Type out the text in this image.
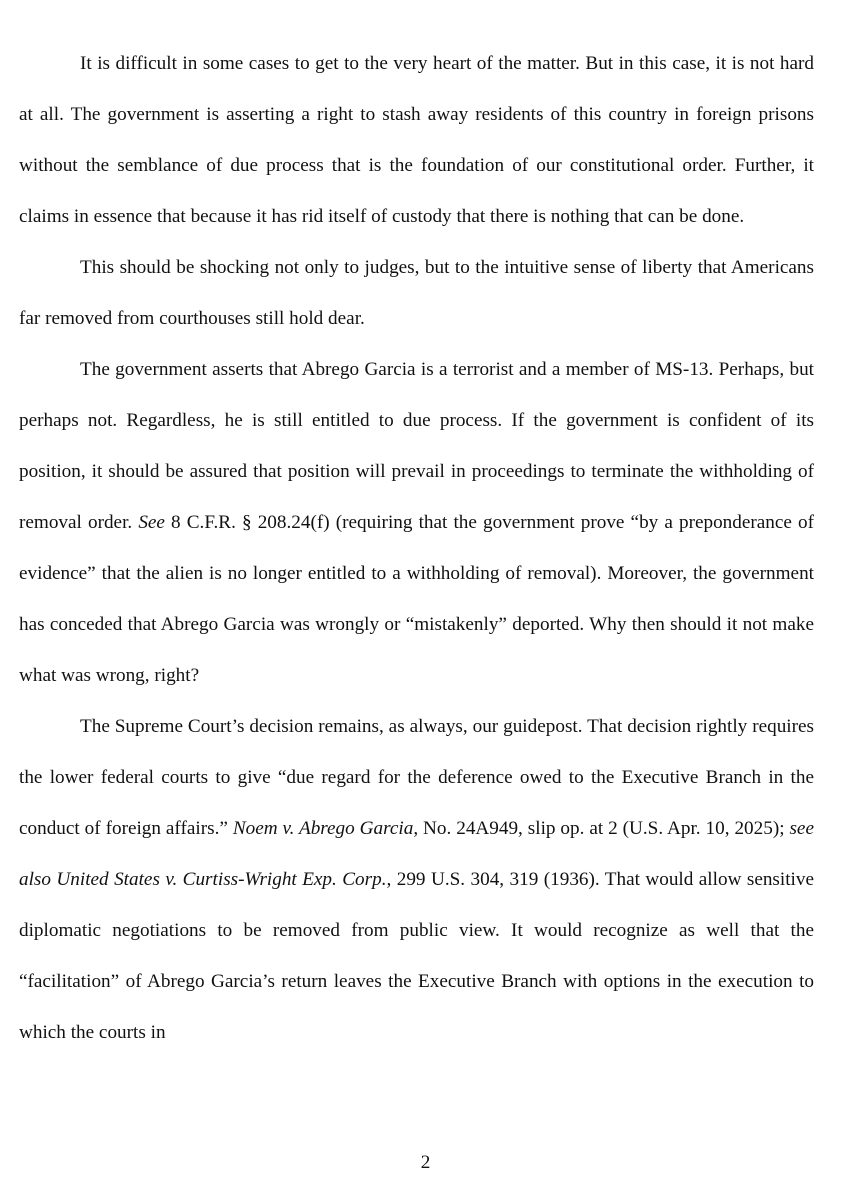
It is difficult in some cases to get to the very heart of the matter. But in this case, it is not hard at all. The government is asserting a right to stash away residents of this country in foreign prisons without the semblance of due process that is the foundation of our constitutional order. Further, it claims in essence that because it has rid itself of custody that there is nothing that can be done.

This should be shocking not only to judges, but to the intuitive sense of liberty that Americans far removed from courthouses still hold dear.

The government asserts that Abrego Garcia is a terrorist and a member of MS-13. Perhaps, but perhaps not. Regardless, he is still entitled to due process. If the government is confident of its position, it should be assured that position will prevail in proceedings to terminate the withholding of removal order. See 8 C.F.R. § 208.24(f) (requiring that the government prove “by a preponderance of evidence” that the alien is no longer entitled to a withholding of removal). Moreover, the government has conceded that Abrego Garcia was wrongly or “mistakenly” deported. Why then should it not make what was wrong, right?

The Supreme Court’s decision remains, as always, our guidepost. That decision rightly requires the lower federal courts to give “due regard for the deference owed to the Executive Branch in the conduct of foreign affairs.” Noem v. Abrego Garcia, No. 24A949, slip op. at 2 (U.S. Apr. 10, 2025); see also United States v. Curtiss-Wright Exp. Corp., 299 U.S. 304, 319 (1936). That would allow sensitive diplomatic negotiations to be removed from public view. It would recognize as well that the “facilitation” of Abrego Garcia’s return leaves the Executive Branch with options in the execution to which the courts in

2
